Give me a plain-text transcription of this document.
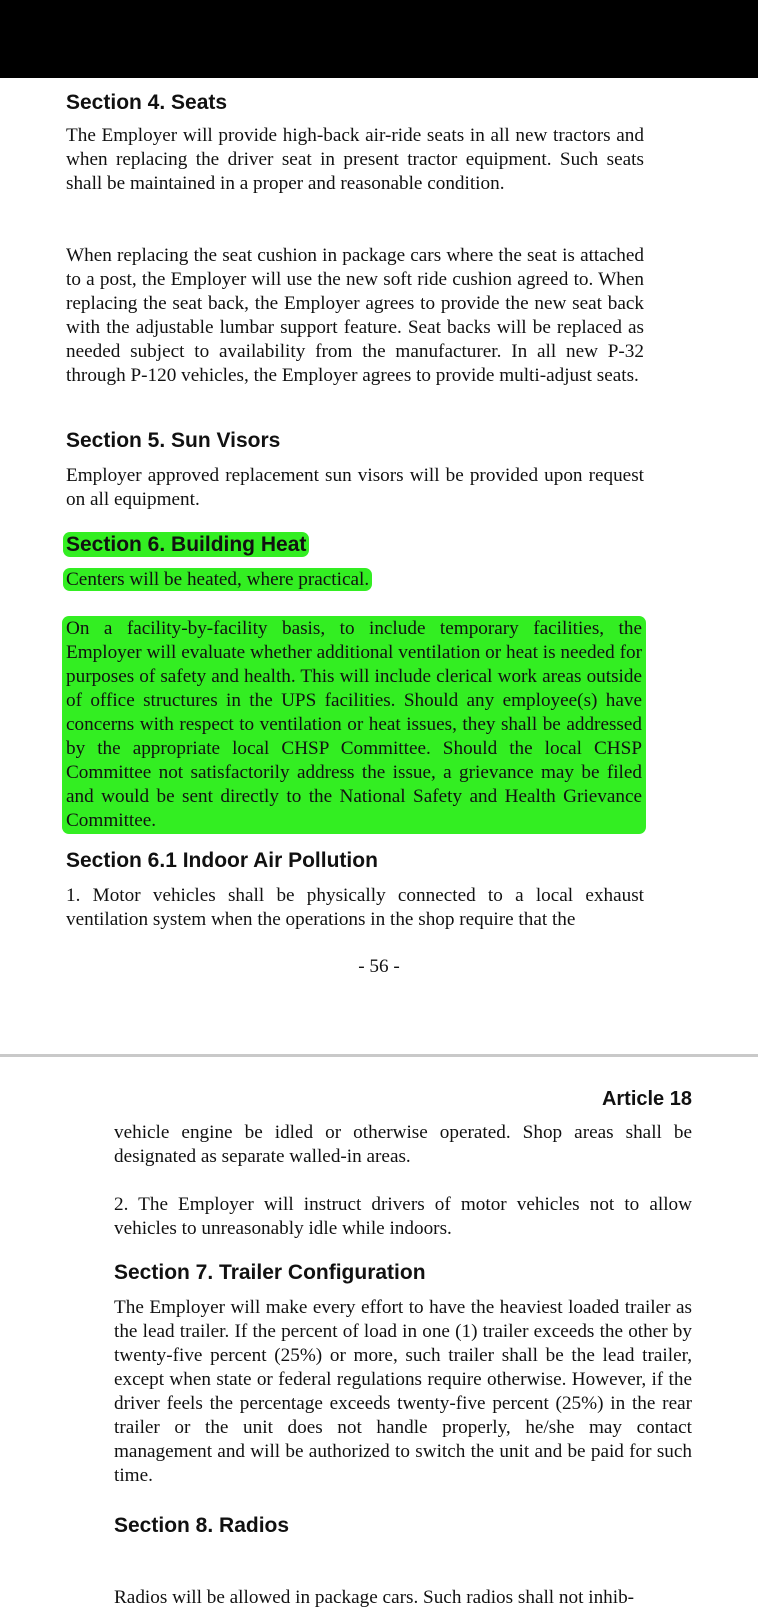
Section 4. Seats

The Employer will provide high-back air-ride seats in all new tractors and when replacing the driver seat in present tractor equipment. Such seats shall be maintained in a proper and reasonable condition.

When replacing the seat cushion in package cars where the seat is attached to a post, the Employer will use the new soft ride cushion agreed to. When replacing the seat back, the Employer agrees to provide the new seat back with the adjustable lumbar support feature. Seat backs will be replaced as needed subject to availability from the manufacturer. In all new P-32 through P-120 vehicles, the Employer agrees to provide multi-adjust seats.

Section 5. Sun Visors

Employer approved replacement sun visors will be provided upon request on all equipment.

Section 6. Building Heat

Centers will be heated, where practical.

On a facility-by-facility basis, to include temporary facilities, the Employer will evaluate whether additional ventilation or heat is needed for purposes of safety and health. This will include clerical work areas outside of office structures in the UPS facilities. Should any employee(s) have concerns with respect to ventilation or heat issues, they shall be addressed by the appropriate local CHSP Committee. Should the local CHSP Committee not satisfactorily address the issue, a grievance may be filed and would be sent directly to the National Safety and Health Grievance Committee.

Section 6.1 Indoor Air Pollution

1. Motor vehicles shall be physically connected to a local exhaust ventilation system when the operations in the shop require that the

- 56 -
Article 18

vehicle engine be idled or otherwise operated. Shop areas shall be designated as separate walled-in areas.

2. The Employer will instruct drivers of motor vehicles not to allow vehicles to unreasonably idle while indoors.

Section 7. Trailer Configuration

The Employer will make every effort to have the heaviest loaded trailer as the lead trailer. If the percent of load in one (1) trailer exceeds the other by twenty-five percent (25%) or more, such trailer shall be the lead trailer, except when state or federal regulations require otherwise. However, if the driver feels the percentage exceeds twenty-five percent (25%) in the rear trailer or the unit does not handle properly, he/she may contact management and will be authorized to switch the unit and be paid for such time.

Section 8. Radios

Radios will be allowed in package cars. Such radios shall not inhib-
